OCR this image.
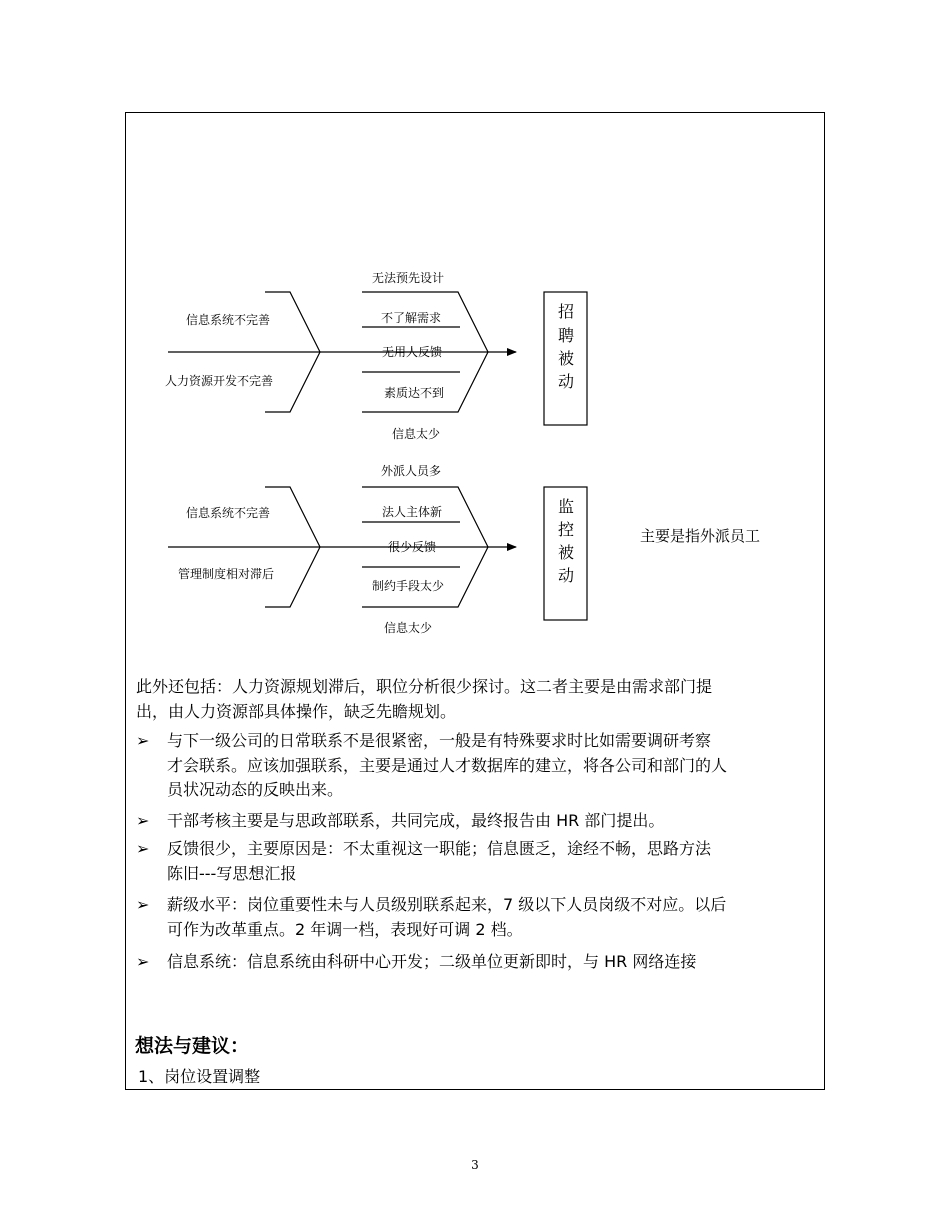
信息系统不完善
人力资源开发不完善
无法预先设计
不了解需求
无用人反馈
素质达不到
信息太少
招
聘
被
动
外派人员多
信息系统不完善
管理制度相对滞后
法人主体新
很少反馈
制约手段太少
信息太少
监
控
被
动
主要是指外派员工
此外还包括：人力资源规划滞后，职位分析很少探讨。这二者主要是由需求部门提
出，由人力资源部具体操作，缺乏先瞻规划。
➢	与下一级公司的日常联系不是很紧密，一般是有特殊要求时比如需要调研考察
才会联系。应该加强联系，主要是通过人才数据库的建立，将各公司和部门的人
员状况动态的反映出来。
➢	干部考核主要是与思政部联系，共同完成，最终报告由 HR 部门提出。
➢	反馈很少，主要原因是：不太重视这一职能；信息匮乏，途经不畅，思路方法
陈旧---写思想汇报
➢	薪级水平：岗位重要性未与人员级别联系起来，7 级以下人员岗级不对应。以后
可作为改革重点。2 年调一档，表现好可调 2 档。
➢	信息系统：信息系统由科研中心开发；二级单位更新即时，与 HR 网络连接
想法与建议：
1、岗位设置调整
3
